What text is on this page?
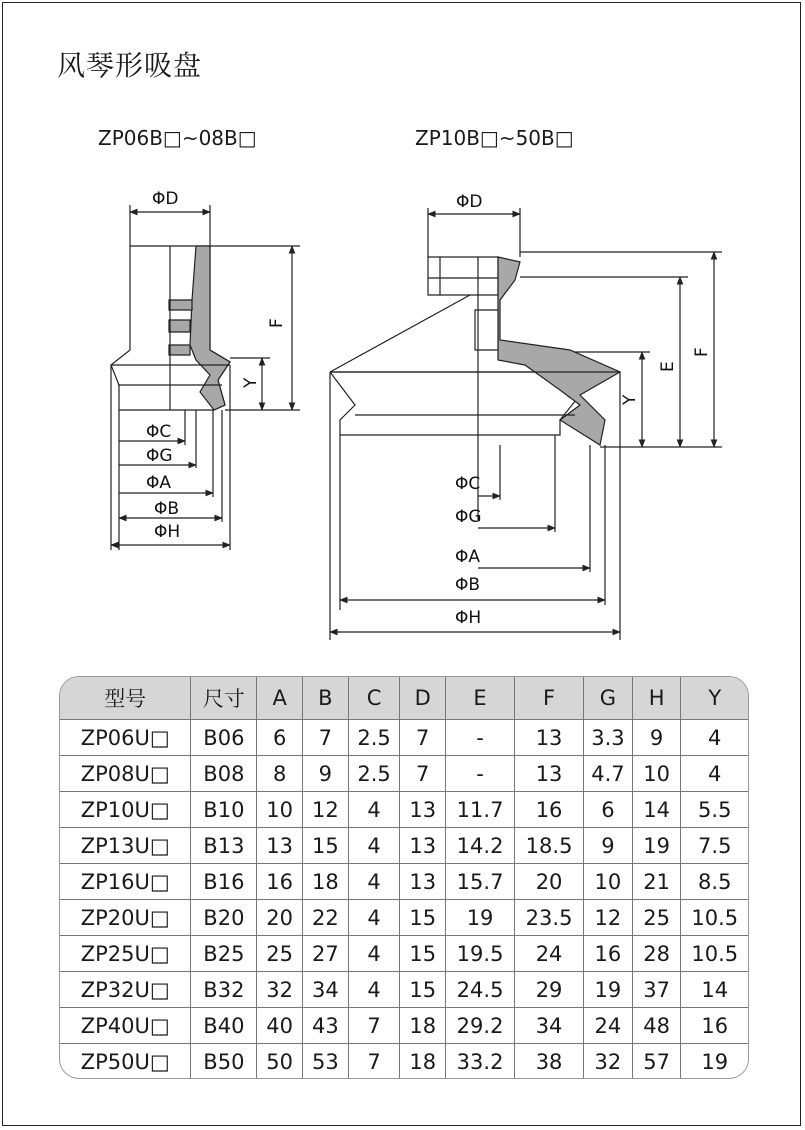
风琴形吸盘
ZP06B□~08B□	ZP10B□~50B□
ΦD
F
Y
ΦC
ΦG
ΦA
ΦB
ΦH
ΦD
F
E
Y
ΦC
ΦG
ΦA
ΦB
ΦH
型号	尺寸	A	B	C	D	E	F	G	H	Y
ZP06U□	B06	6	7	2.5	7	-	13	3.3	9	4
ZP08U□	B08	8	9	2.5	7	-	13	4.7	10	4
ZP10U□	B10	10	12	4	13	11.7	16	6	14	5.5
ZP13U□	B13	13	15	4	13	14.2	18.5	9	19	7.5
ZP16U□	B16	16	18	4	13	15.7	20	10	21	8.5
ZP20U□	B20	20	22	4	15	19	23.5	12	25	10.5
ZP25U□	B25	25	27	4	15	19.5	24	16	28	10.5
ZP32U□	B32	32	34	4	15	24.5	29	19	37	14
ZP40U□	B40	40	43	7	18	29.2	34	24	48	16
ZP50U□	B50	50	53	7	18	33.2	38	32	57	19
